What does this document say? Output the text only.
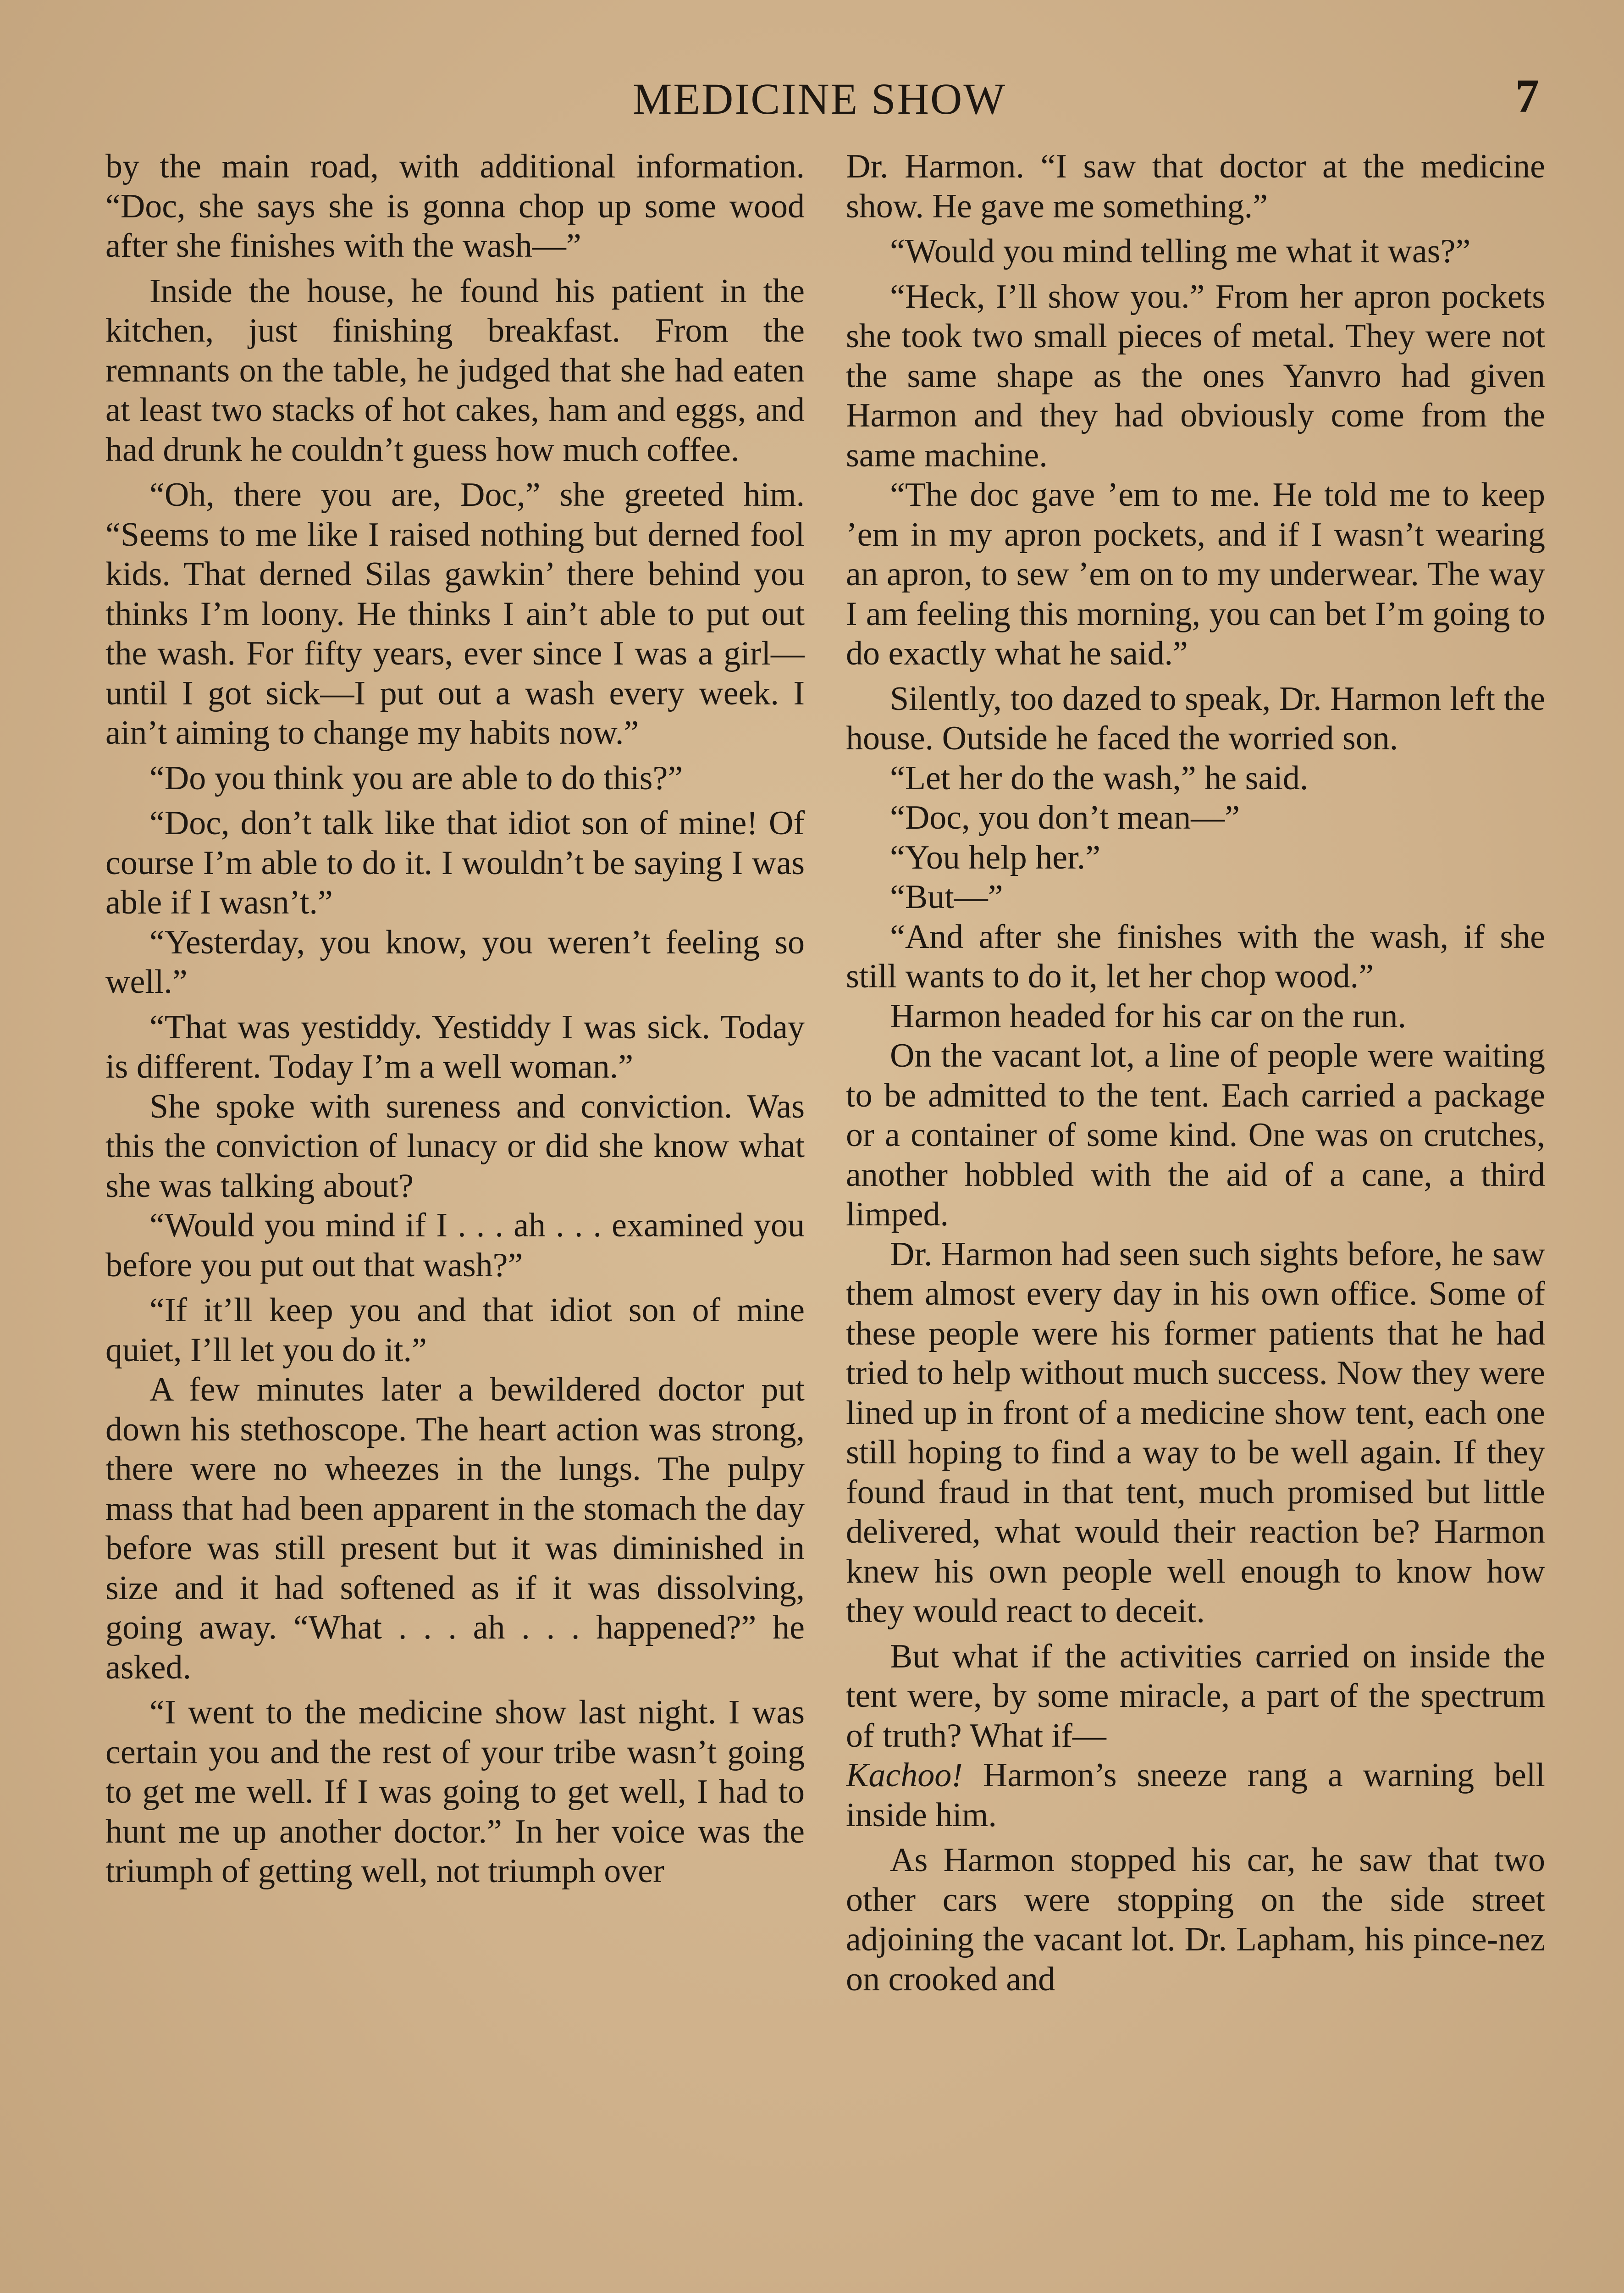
MEDICINE SHOW	7

by the main road, with additional information. “Doc, she says she is gonna chop up some wood after she finishes with the wash—”

Inside the house, he found his patient in the kitchen, just finishing breakfast. From the remnants on the table, he judged that she had eaten at least two stacks of hot cakes, ham and eggs, and had drunk he couldn’t guess how much coffee.

“Oh, there you are, Doc,” she greeted him. “Seems to me like I raised nothing but derned fool kids. That derned Silas gawkin’ there behind you thinks I’m loony. He thinks I ain’t able to put out the wash. For fifty years, ever since I was a girl—until I got sick—I put out a wash every week. I ain’t aiming to change my habits now.”

“Do you think you are able to do this?”

“Doc, don’t talk like that idiot son of mine! Of course I’m able to do it. I wouldn’t be saying I was able if I wasn’t.”

“Yesterday, you know, you weren’t feeling so well.”

“That was yestiddy. Yestiddy I was sick. Today is different. Today I’m a well woman.”

She spoke with sureness and conviction. Was this the conviction of lunacy or did she know what she was talking about?

“Would you mind if I . . . ah . . . examined you before you put out that wash?”

“If it’ll keep you and that idiot son of mine quiet, I’ll let you do it.”

A few minutes later a bewildered doctor put down his stethoscope. The heart action was strong, there were no wheezes in the lungs. The pulpy mass that had been apparent in the stomach the day before was still present but it was diminished in size and it had softened as if it was dissolving, going away. “What . . . ah . . . happened?” he asked.

“I went to the medicine show last night. I was certain you and the rest of your tribe wasn’t going to get me well. If I was going to get well, I had to hunt me up another doctor.” In her voice was the triumph of getting well, not triumph over

Dr. Harmon. “I saw that doctor at the medicine show. He gave me something.”

“Would you mind telling me what it was?”

“Heck, I’ll show you.” From her apron pockets she took two small pieces of metal. They were not the same shape as the ones Yanvro had given Harmon and they had obviously come from the same machine.

“The doc gave ’em to me. He told me to keep ’em in my apron pockets, and if I wasn’t wearing an apron, to sew ’em on to my underwear. The way I am feeling this morning, you can bet I’m going to do exactly what he said.”

Silently, too dazed to speak, Dr. Harmon left the house. Outside he faced the worried son.

“Let her do the wash,” he said.

“Doc, you don’t mean—”

“You help her.”

“But—”

“And after she finishes with the wash, if she still wants to do it, let her chop wood.”

Harmon headed for his car on the run.

On the vacant lot, a line of people were waiting to be admitted to the tent. Each carried a package or a container of some kind. One was on crutches, another hobbled with the aid of a cane, a third limped.

Dr. Harmon had seen such sights before, he saw them almost every day in his own office. Some of these people were his former patients that he had tried to help without much success. Now they were lined up in front of a medicine show tent, each one still hoping to find a way to be well again. If they found fraud in that tent, much promised but little delivered, what would their reaction be? Harmon knew his own people well enough to know how they would react to deceit.

But what if the activities carried on inside the tent were, by some miracle, a part of the spectrum of truth? What if—

Kachoo! Harmon’s sneeze rang a warning bell inside him.

As Harmon stopped his car, he saw that two other cars were stopping on the side street adjoining the vacant lot. Dr. Lapham, his pince-nez on crooked and
